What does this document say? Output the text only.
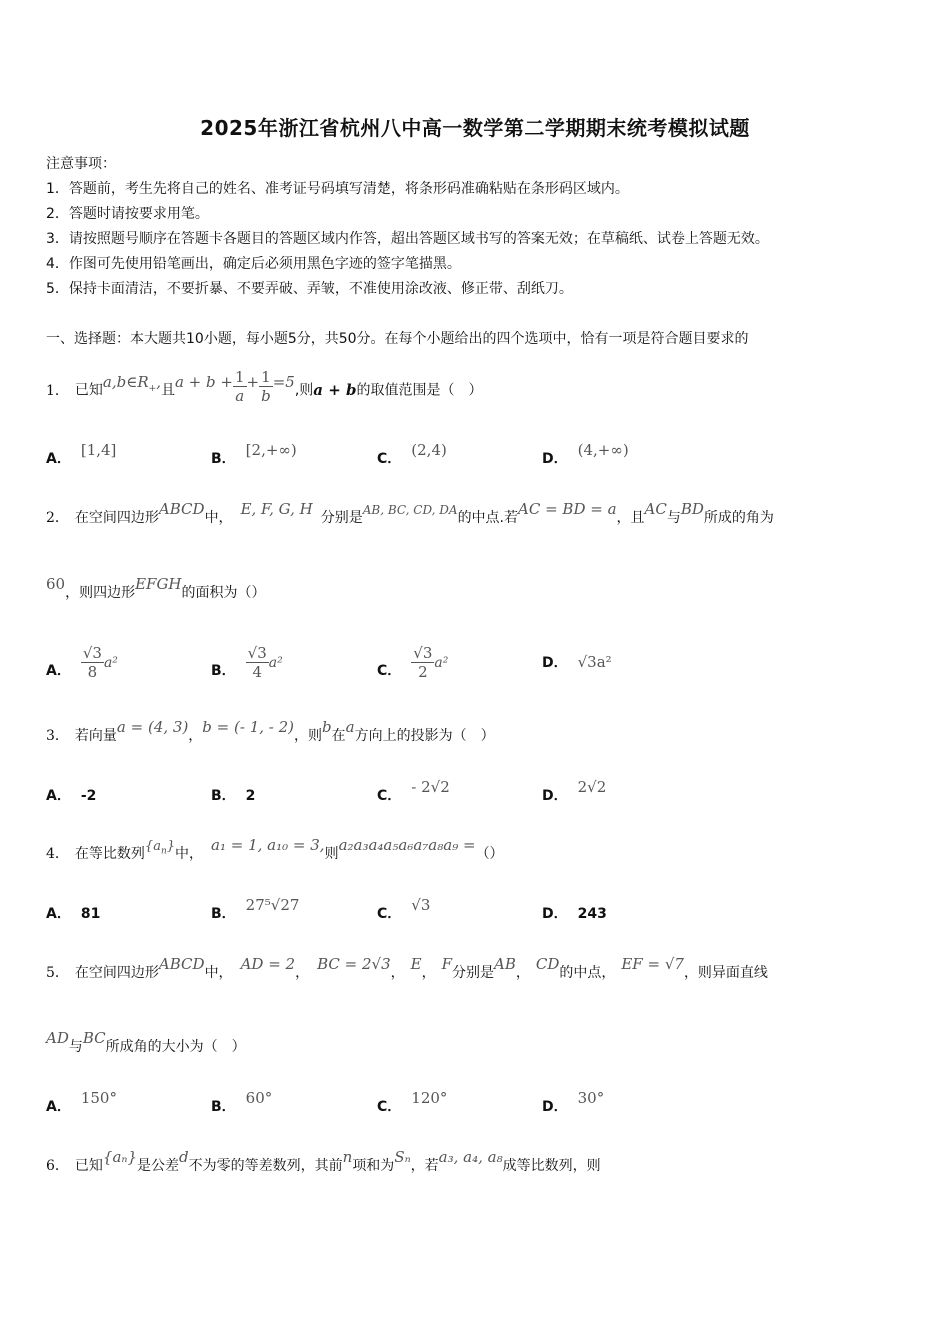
2025年浙江省杭州八中高一数学第二学期期末统考模拟试题
注意事项：
1．答题前，考生先将自己的姓名、准考证号码填写清楚，将条形码准确粘贴在条形码区域内。
2．答题时请按要求用笔。
3．请按照题号顺序在答题卡各题目的答题区域内作答，超出答题区域书写的答案无效；在草稿纸、试卷上答题无效。
4．作图可先使用铅笔画出，确定后必须用黑色字迹的签字笔描黑。
5．保持卡面清洁，不要折暴、不要弄破、弄皱，不准使用涂改液、修正带、刮纸刀。
一、选择题：本大题共10小题，每小题5分，共50分。在每个小题给出的四个选项中，恰有一项是符合题目要求的
1． 已知$a,b\in R_+$,且$a + b + \frac{1}{a} + \frac{1}{b} =5$,则a + b的取值范围是（　）
A． [1,4]	B． [2,+∞)	C． (2,4)	D． (4,+∞)
2． 在空间四边形ABCD中， E, F, G, H 分别是AB, BC, CD, DA的中点.若AC = BD = a，且AC与BD所成的角为
60，则四边形EFGH的面积为（）
A． $\frac{√3}{8} a^2$	B． $\frac{√3}{4} a^2$	C． $\frac{√3}{2} a^2$	D． √3a²
3． 若向量a = (4, 3)，b = (- 1, - 2)，则b在a方向上的投影为（　）
A． -2	B． 2	C． - 2√2	D． 2√2
4． 在等比数列$\{a_n\}$中， a₁ = 1, a₁₀ = 3,则a₂a₃a₄a₅a₆a₇a₈a₉ =（）
A． 81	B． 27⁵√27	C． √3	D． 243
5． 在空间四边形ABCD中， AD = 2， BC = 2√3， E， F分别是AB， CD的中点， EF = √7，则异面直线
AD与BC所成角的大小为（　）
A． 150°	B． 60°	C． 120°	D． 30°
6． 已知{aₙ}是公差d不为零的等差数列，其前n项和为Sₙ，若a₃, a₄, a₈成等比数列，则
